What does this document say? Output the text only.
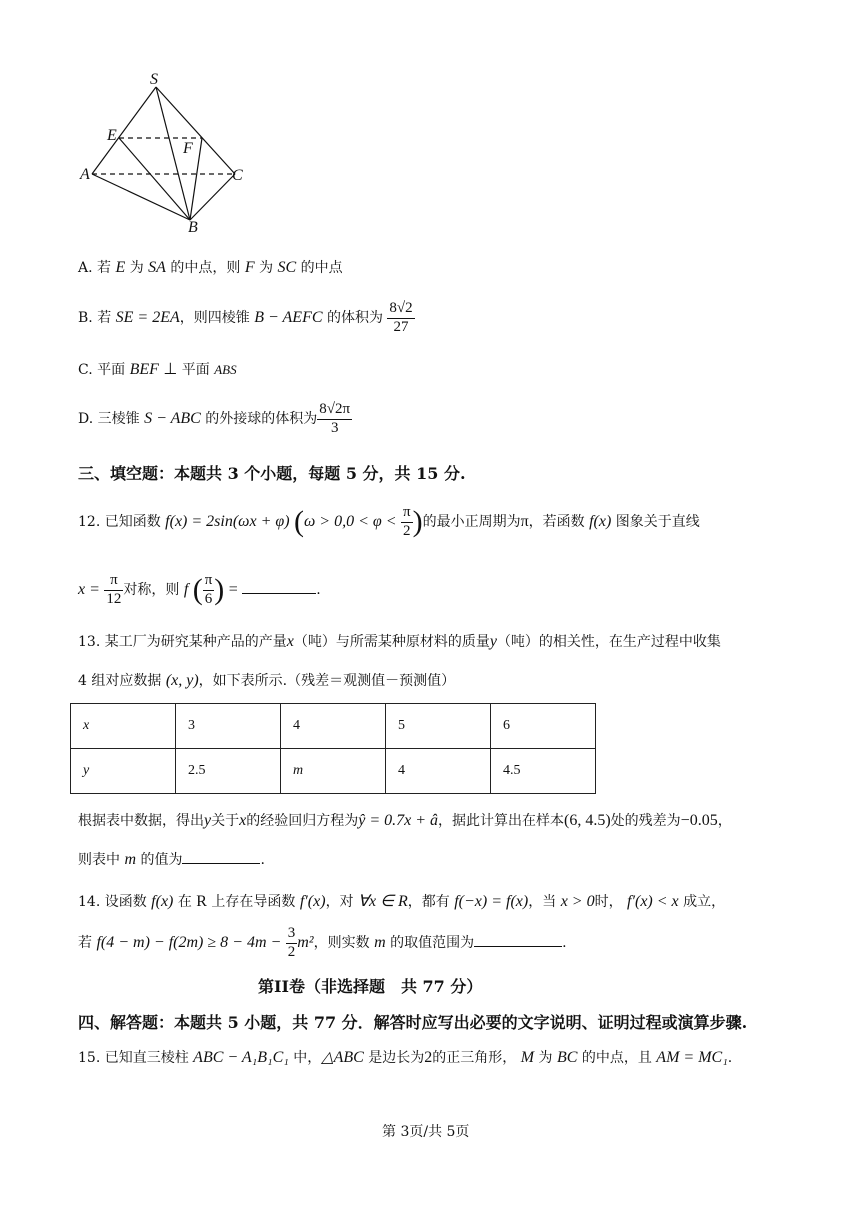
S
E
F
A	C
B
A. 若 E 为 SA 的中点，则 F 为 SC 的中点
B. 若 SE = 2EA，则四棱锥 B − AEFC 的体积为 $\frac{8√2}{27}$
C. 平面 BEF ⊥ 平面 ABS
D. 三棱锥 S − ABC 的外接球的体积为 $\frac{8√2\pi}{3}$
三、填空题：本题共 3 个小题，每题 5 分，共 15 分.
12. 已知函数 f(x) = 2sin(ωx + φ) ($\omega > 0,0 < \varphi < \frac{\pi}{2}$ )的最小正周期为π，若函数 f(x) 图象关于直线
$x = \frac{\pi}{12}$ 对称，则 f ( $\frac{\pi}{6}$ ) =	.
13. 某工厂为研究某种产品的产量x（吨）与所需某种原材料的质量y（吨）的相关性，在生产过程中收集
4 组对应数据 (x, y)，如下表所示.（残差＝观测值－预测值）
x	3	4	5	6
y	2.5	m	4	4.5
根据表中数据，得出y关于x的经验回归方程为ŷ = 0.7x + â，据此计算出在样本(6, 4.5)处的残差为−0.05，
则表中 m 的值为	.
14. 设函数 f(x) 在 R 上存在导函数 f′(x)，对 ∀x ∈ R，都有 f(−x) = f(x)，当 x > 0时， f′(x) < x 成立，
若 $f(4 - m) - f(2m) \ge 8 - 4m - \frac{3}{2} m^2$，则实数 m 的取值范围为	.
第II卷（非选择题　共 77 分）
四、解答题：本题共 5 小题，共 77 分．解答时应写出必要的文字说明、证明过程或演算步骤.
15. 已知直三棱柱 ABC − A₁B₁C₁ 中，△ABC 是边长为2的正三角形， M 为 BC 的中点，且 AM = MC₁.
第 3页/共 5页
